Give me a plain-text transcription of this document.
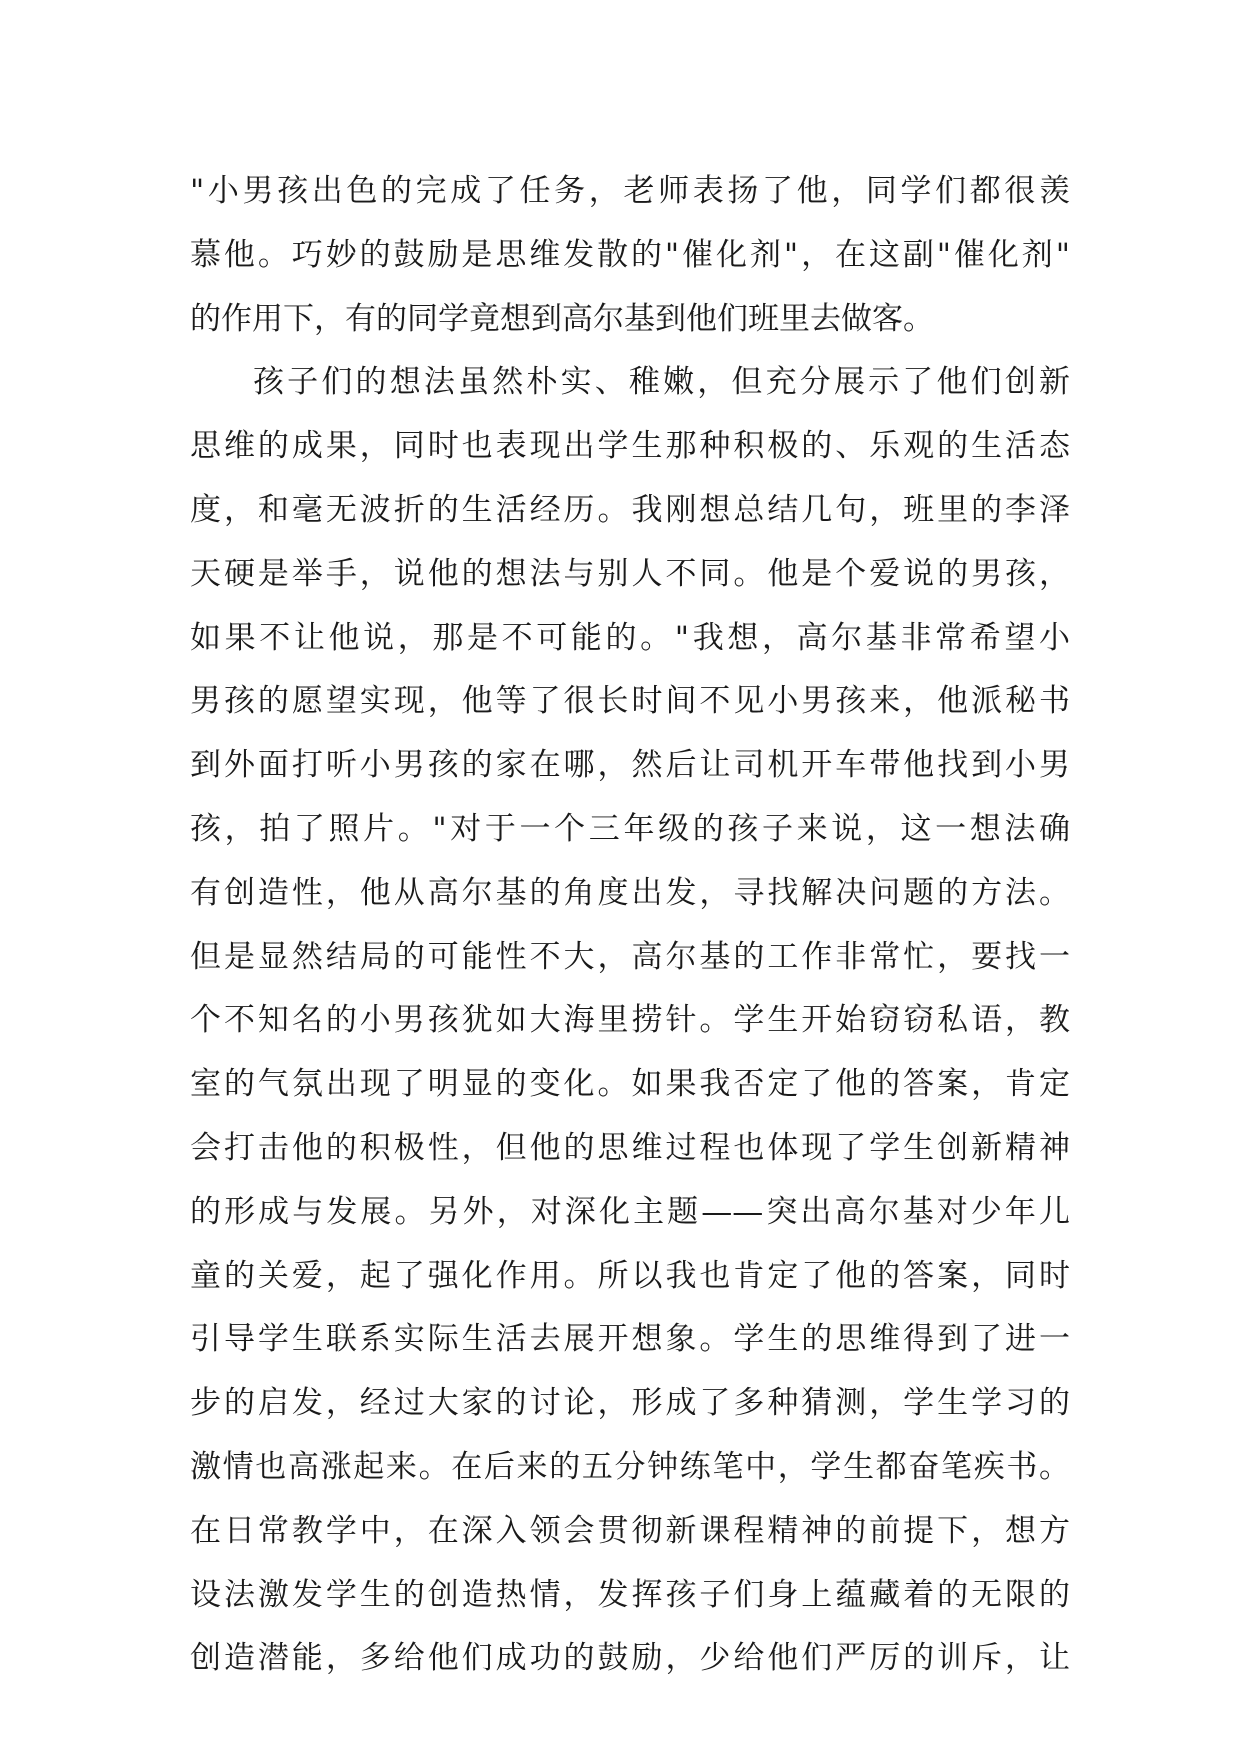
"小男孩出色的完成了任务，老师表扬了他，同学们都很羡
慕他。巧妙的鼓励是思维发散的"催化剂"，在这副"催化剂"
的作用下，有的同学竟想到高尔基到他们班里去做客。
孩子们的想法虽然朴实、稚嫩，但充分展示了他们创新
思维的成果，同时也表现出学生那种积极的、乐观的生活态
度，和毫无波折的生活经历。我刚想总结几句，班里的李泽
天硬是举手，说他的想法与别人不同。他是个爱说的男孩，
如果不让他说，那是不可能的。"我想，高尔基非常希望小
男孩的愿望实现，他等了很长时间不见小男孩来，他派秘书
到外面打听小男孩的家在哪，然后让司机开车带他找到小男
孩，拍了照片。"对于一个三年级的孩子来说，这一想法确
有创造性，他从高尔基的角度出发，寻找解决问题的方法。
但是显然结局的可能性不大，高尔基的工作非常忙，要找一
个不知名的小男孩犹如大海里捞针。学生开始窃窃私语，教
室的气氛出现了明显的变化。如果我否定了他的答案，肯定
会打击他的积极性，但他的思维过程也体现了学生创新精神
的形成与发展。另外，对深化主题——突出高尔基对少年儿
童的关爱，起了强化作用。所以我也肯定了他的答案，同时
引导学生联系实际生活去展开想象。学生的思维得到了进一
步的启发，经过大家的讨论，形成了多种猜测，学生学习的
激情也高涨起来。在后来的五分钟练笔中，学生都奋笔疾书。
在日常教学中，在深入领会贯彻新课程精神的前提下，想方
设法激发学生的创造热情，发挥孩子们身上蕴藏着的无限的
创造潜能，多给他们成功的鼓励，少给他们严厉的训斥，让
